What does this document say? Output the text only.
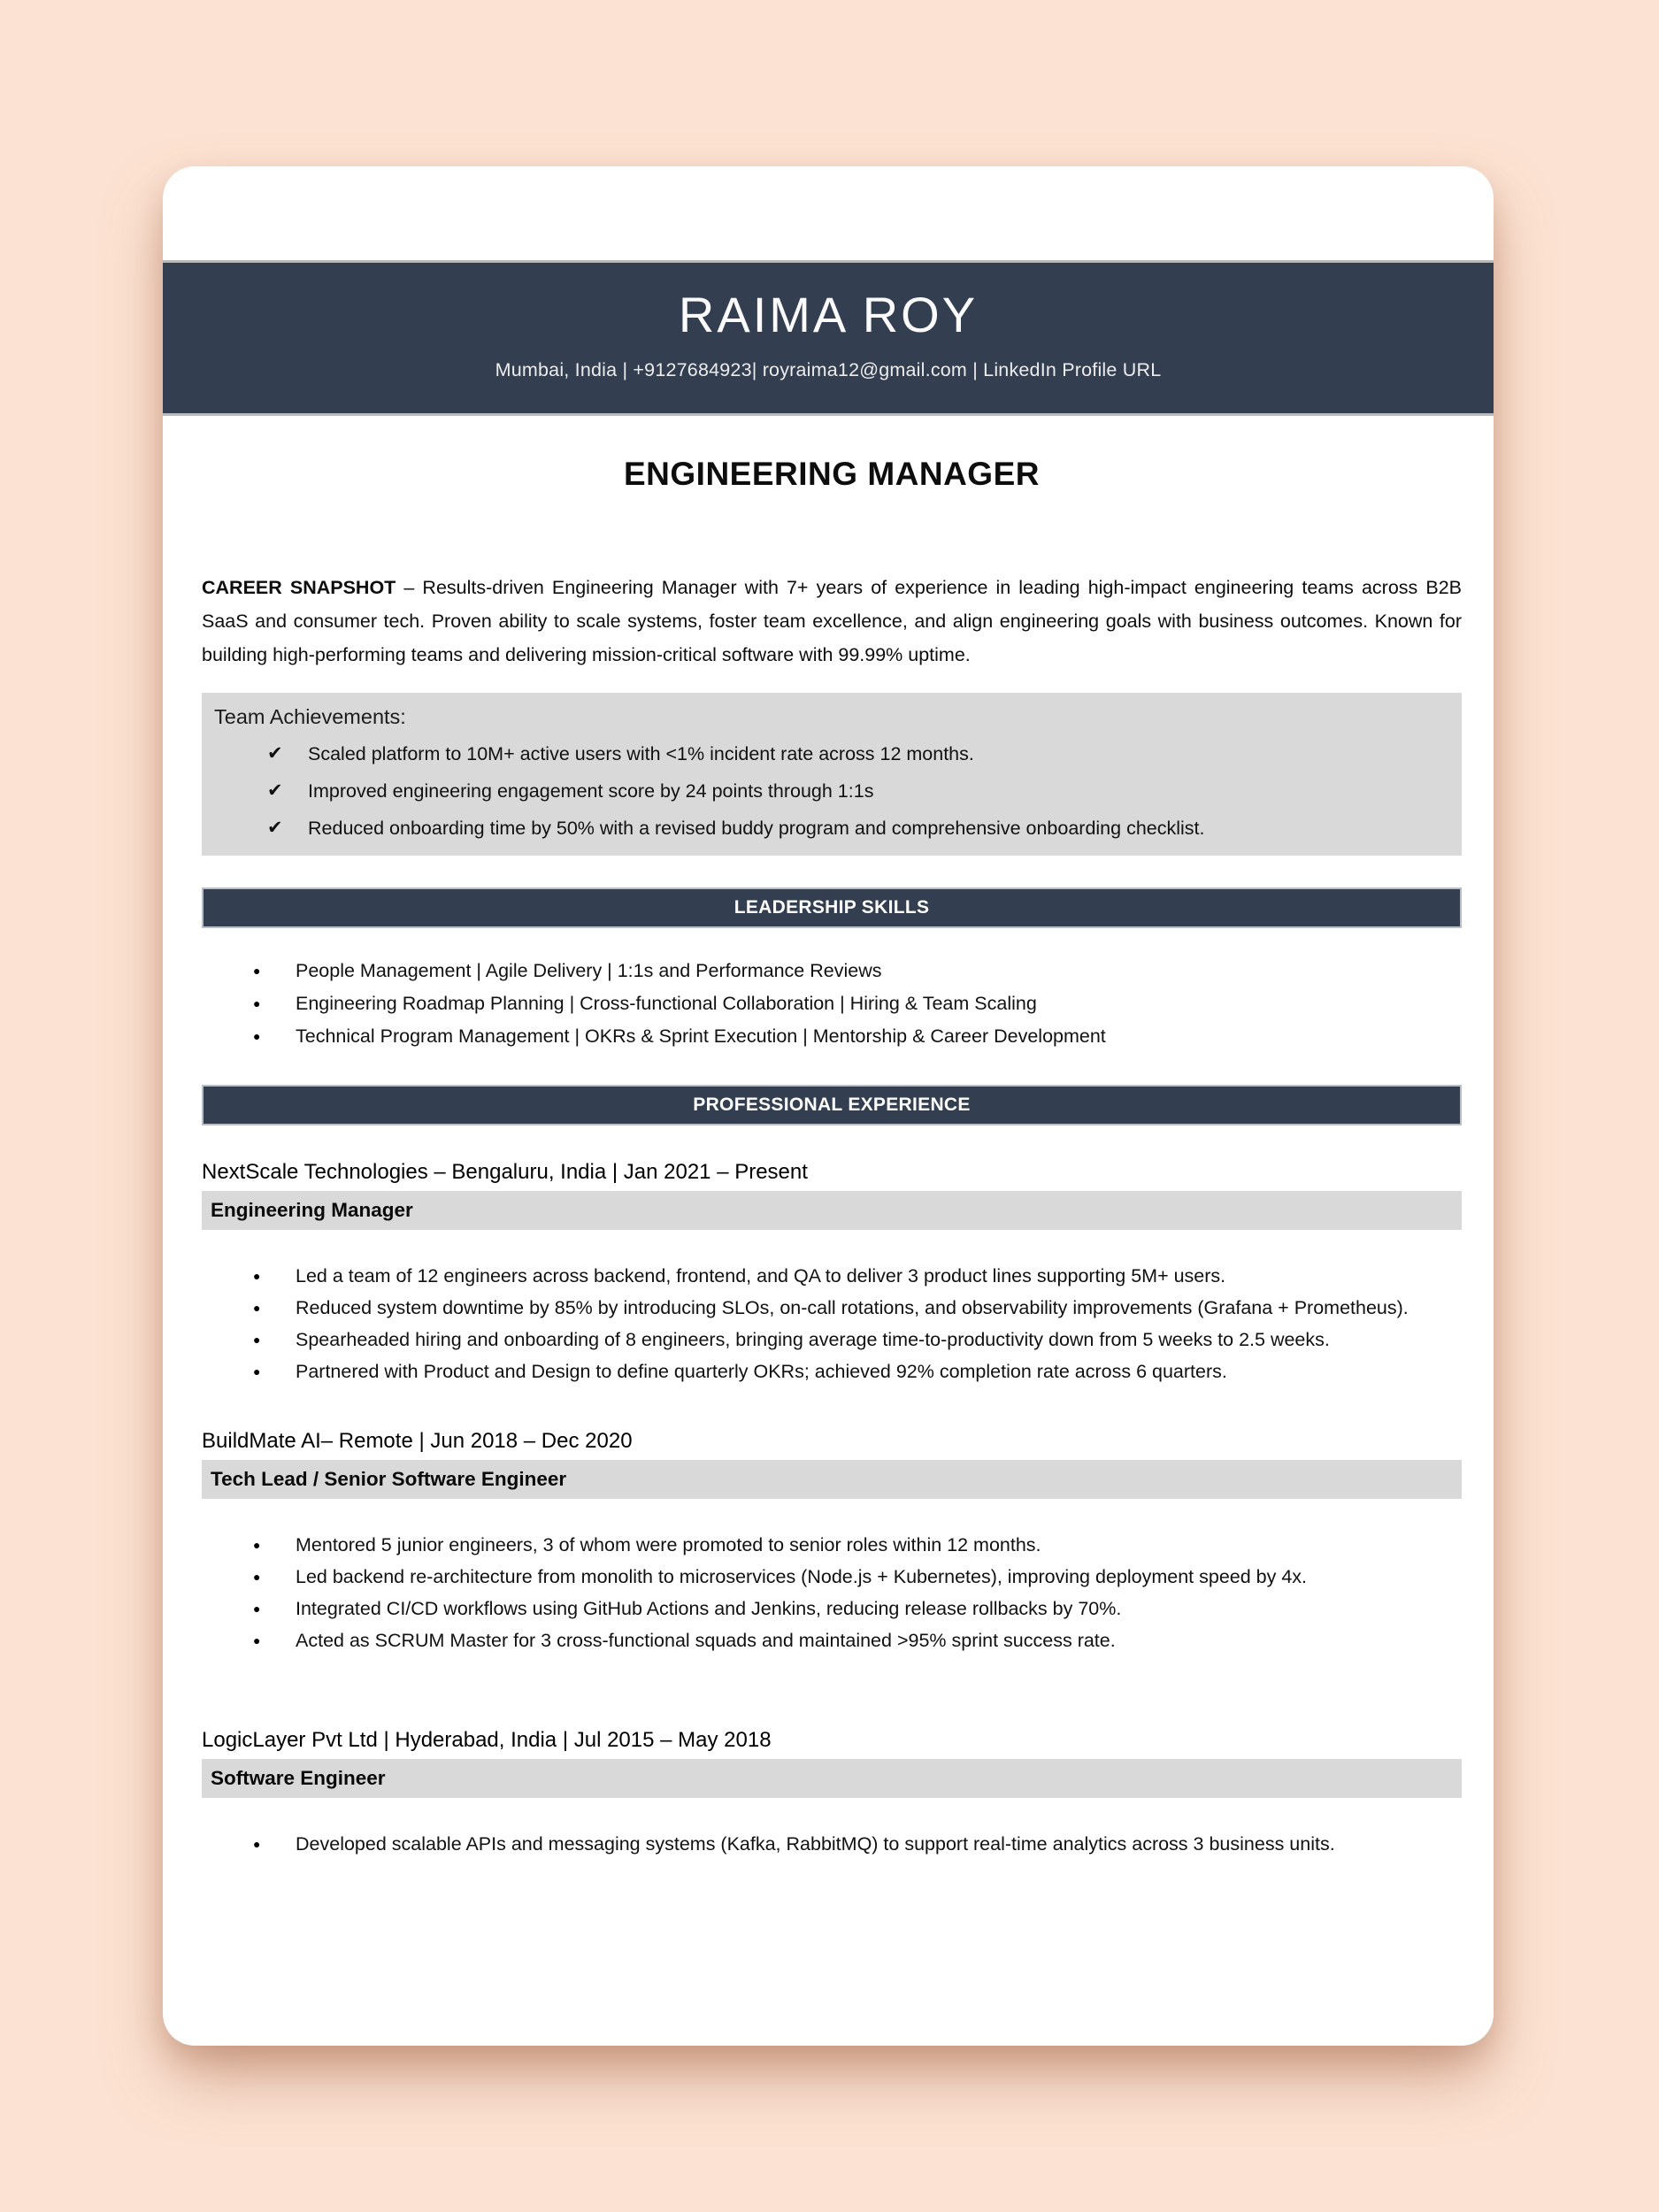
RAIMA ROY
Mumbai, India | +9127684923| royraima12@gmail.com | LinkedIn Profile URL
ENGINEERING MANAGER

CAREER SNAPSHOT – Results-driven Engineering Manager with 7+ years of experience in leading high-impact engineering teams across B2B SaaS and consumer tech. Proven ability to scale systems, foster team excellence, and align engineering goals with business outcomes. Known for building high-performing teams and delivering mission-critical software with 99.99% uptime.

Team Achievements:
✔	Scaled platform to 10M+ active users with <1% incident rate across 12 months.
✔	Improved engineering engagement score by 24 points through 1:1s
✔	Reduced onboarding time by 50% with a revised buddy program and comprehensive onboarding checklist.
LEADERSHIP SKILLS
●	People Management | Agile Delivery | 1:1s and Performance Reviews
●	Engineering Roadmap Planning | Cross-functional Collaboration | Hiring & Team Scaling
●	Technical Program Management | OKRs & Sprint Execution | Mentorship & Career Development
PROFESSIONAL EXPERIENCE
NextScale Technologies – Bengaluru, India | Jan 2021 – Present
Engineering Manager
●	Led a team of 12 engineers across backend, frontend, and QA to deliver 3 product lines supporting 5M+ users.
●	Reduced system downtime by 85% by introducing SLOs, on-call rotations, and observability improvements (Grafana + Prometheus).
●	Spearheaded hiring and onboarding of 8 engineers, bringing average time-to-productivity down from 5 weeks to 2.5 weeks.
●	Partnered with Product and Design to define quarterly OKRs; achieved 92% completion rate across 6 quarters.
BuildMate AI– Remote | Jun 2018 – Dec 2020
Tech Lead / Senior Software Engineer
●	Mentored 5 junior engineers, 3 of whom were promoted to senior roles within 12 months.
●	Led backend re-architecture from monolith to microservices (Node.js + Kubernetes), improving deployment speed by 4x.
●	Integrated CI/CD workflows using GitHub Actions and Jenkins, reducing release rollbacks by 70%.
●	Acted as SCRUM Master for 3 cross-functional squads and maintained >95% sprint success rate.
LogicLayer Pvt Ltd | Hyderabad, India | Jul 2015 – May 2018
Software Engineer
●	Developed scalable APIs and messaging systems (Kafka, RabbitMQ) to support real-time analytics across 3 business units.
